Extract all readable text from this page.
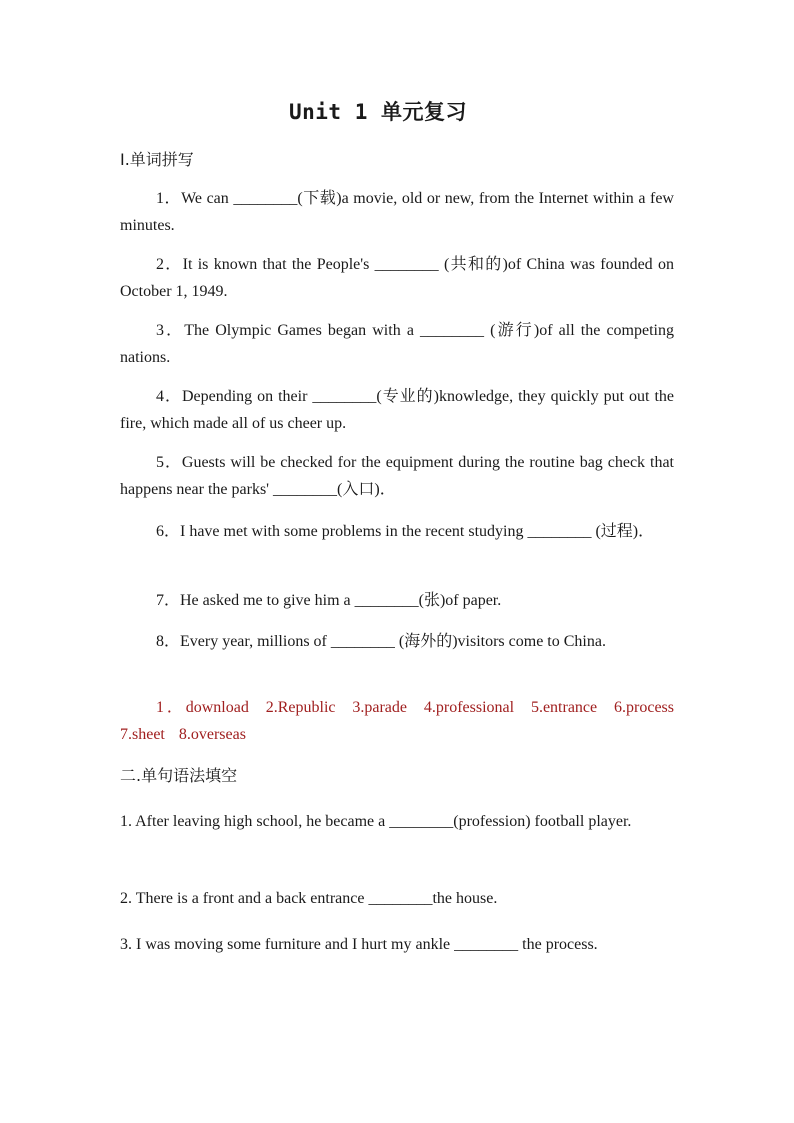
Unit 1 单元复习
Ⅰ.单词拼写
1．We can ________(下载)a movie, old or new, from the Internet within a few minutes.
2．It is known that the People's ________ (共和的)of China was founded on October 1, 1949.
3．The Olympic Games began with a ________ (游行)of all the competing nations.
4．Depending on their ________(专业的)knowledge, they quickly put out the fire, which made all of us cheer up.
5．Guests will be checked for the equipment during the routine bag check that happens near the parks' ________(入口)．
6．I have met with some problems in the recent studying ________ (过程)．
7．He asked me to give him a ________(张)of paper.
8．Every year, millions of ________ (海外的)visitors come to China.
1．download 2.Republic 3.parade 4.professional 5.entrance 6.process 7.sheet 8.overseas
二.单句语法填空
1. After leaving high school, he became a ________(profession) football player.
2. There is a front and a back entrance ________the house.
3. I was moving some furniture and I hurt my ankle ________ the process.
